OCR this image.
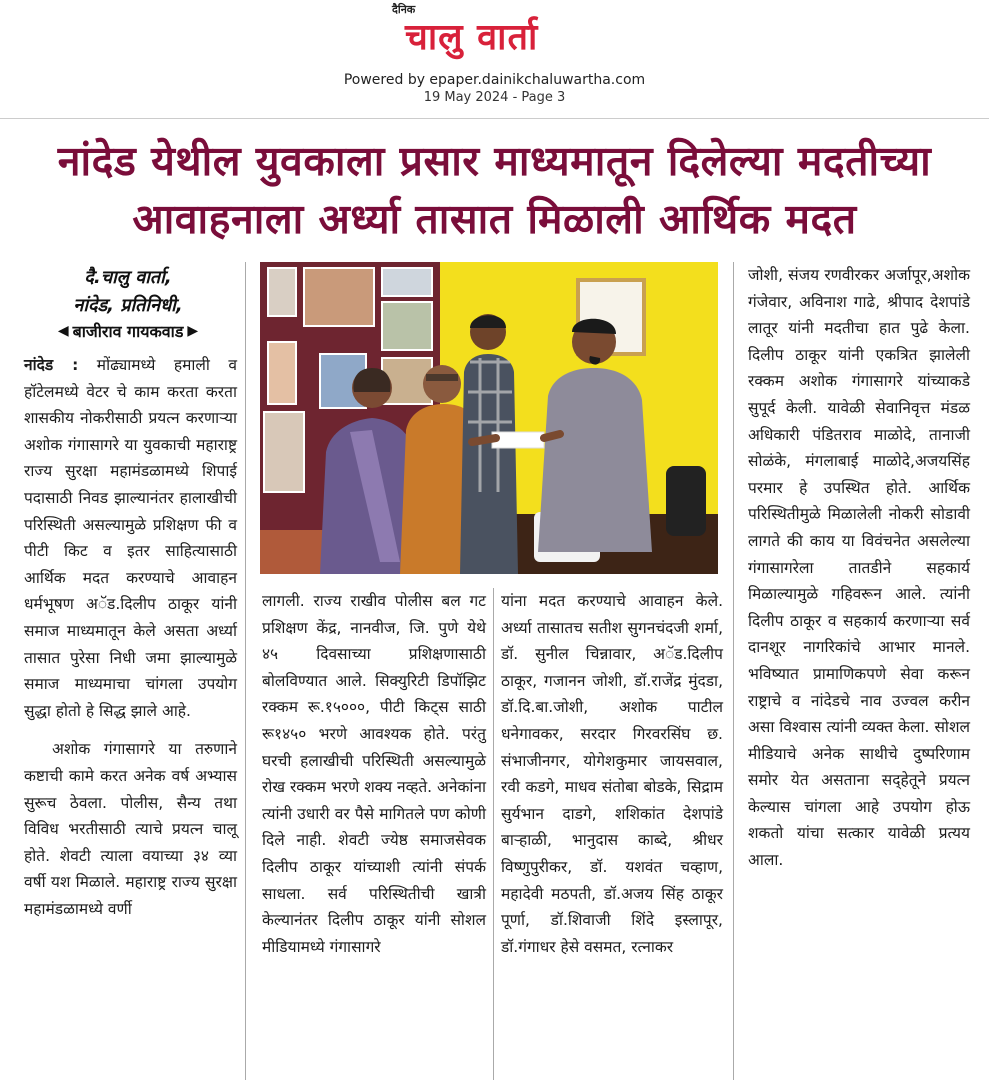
दैनिक
चालु वार्ता
Powered by epaper.dainikchaluwartha.com
19 May 2024 - Page 3
नांदेड येथील युवकाला प्रसार माध्यमातून दिलेल्या मदतीच्या
आवाहनाला अर्ध्या तासात मिळाली आर्थिक मदत
दै.चालु वार्ता,
नांदेड, प्रतिनिधी,
◀ बाजीराव गायकवाड ▶

नांदेड : मोंढ्यामध्ये हमाली व हॉटेलमध्ये वेटर चे काम करता करता शासकीय नोकरीसाठी प्रयत्न करणाऱ्या अशोक गंगासागरे या युवकाची महाराष्ट्र राज्य सुरक्षा महामंडळामध्ये शिपाई पदासाठी निवड झाल्यानंतर हालाखीची परिस्थिती असल्यामुळे प्रशिक्षण फी व पीटी किट व इतर साहित्यासाठी आर्थिक मदत करण्याचे आवाहन धर्मभूषण अॅड.दिलीप ठाकूर यांनी समाज माध्यमातून केले असता अर्ध्या तासात पुरेसा निधी जमा झाल्यामुळे समाज माध्यमाचा चांगला उपयोग सुद्धा होतो हे सिद्ध झाले आहे.

अशोक गंगासागरे या तरुणाने कष्टाची कामे करत अनेक वर्ष अभ्यास सुरूच ठेवला. पोलीस, सैन्य तथा विविध भरतीसाठी त्याचे प्रयत्न चालू होते. शेवटी त्याला वयाच्या ३४ व्या वर्षी यश मिळाले. महाराष्ट्र राज्य सुरक्षा महामंडळामध्ये वर्णी

लागली. राज्य राखीव पोलीस बल गट प्रशिक्षण केंद्र, नानवीज, जि. पुणे येथे ४५ दिवसाच्या प्रशिक्षणासाठी बोलविण्यात आले. सिक्युरिटी डिपॉझिट रक्कम रू.१५०००, पीटी किट्स साठी रू१४५० भरणे आवश्यक होते. परंतु घरची हलाखीची परिस्थिती असल्यामुळे रोख रक्कम भरणे शक्य नव्हते. अनेकांना त्यांनी उधारी वर पैसे मागितले पण कोणी दिले नाही. शेवटी ज्येष्ठ समाजसेवक दिलीप ठाकूर यांच्याशी त्यांनी संपर्क साधला. सर्व परिस्थितीची खात्री केल्यानंतर दिलीप ठाकूर यांनी सोशल मीडियामध्ये गंगासागरे
यांना मदत करण्याचे आवाहन केले. अर्ध्या तासातच सतीश सुगनचंदजी शर्मा, डॉ. सुनील चिन्नावार, अॅड.दिलीप ठाकूर, गजानन जोशी, डॉ.राजेंद्र मुंदडा, डॉ.दि.बा.जोशी, अशोक पाटील धनेगावकर, सरदार गिरवरसिंघ छ. संभाजीनगर, योगेशकुमार जायसवाल, रवी कडगे, माधव संतोबा बोडके, सिद्राम सुर्यभान दाडगे, शशिकांत देशपांडे बाऱ्हाळी, भानुदास काब्दे, श्रीधर विष्णुपुरीकर, डॉ. यशवंत चव्हाण, महादेवी मठपती, डॉ.अजय सिंह ठाकूर पूर्णा, डॉ.शिवाजी शिंदे इस्लापूर, डॉ.गंगाधर हेसे वसमत, रत्नाकर
जोशी, संजय रणवीरकर अर्जापूर,अशोक गंजेवार, अविनाश गाढे, श्रीपाद देशपांडे लातूर यांनी मदतीचा हात पुढे केला. दिलीप ठाकूर यांनी एकत्रित झालेली रक्कम अशोक गंगासागरे यांच्याकडे सुपूर्द केली. यावेळी सेवानिवृत्त मंडळ अधिकारी पंडितराव माळोदे, तानाजी सोळंके, मंगलाबाई माळोदे,अजयसिंह परमार हे उपस्थित होते. आर्थिक परिस्थितीमुळे मिळालेली नोकरी सोडावी लागते की काय या विवंचनेत असलेल्या गंगासागरेला तातडीने सहकार्य मिळाल्यामुळे गहिवरून आले. त्यांनी दिलीप ठाकूर व सहकार्य करणाऱ्या सर्व दानशूर नागरिकांचे आभार मानले. भविष्यात प्रामाणिकपणे सेवा करून राष्ट्राचे व नांदेडचे नाव उज्वल करीन असा विश्वास त्यांनी व्यक्त केला. सोशल मीडियाचे अनेक साथीचे दुष्परिणाम समोर येत असताना सद्हेतूने प्रयत्न केल्यास चांगला आहे उपयोग होऊ शकतो यांचा सत्कार यावेळी प्रत्यय आला.
